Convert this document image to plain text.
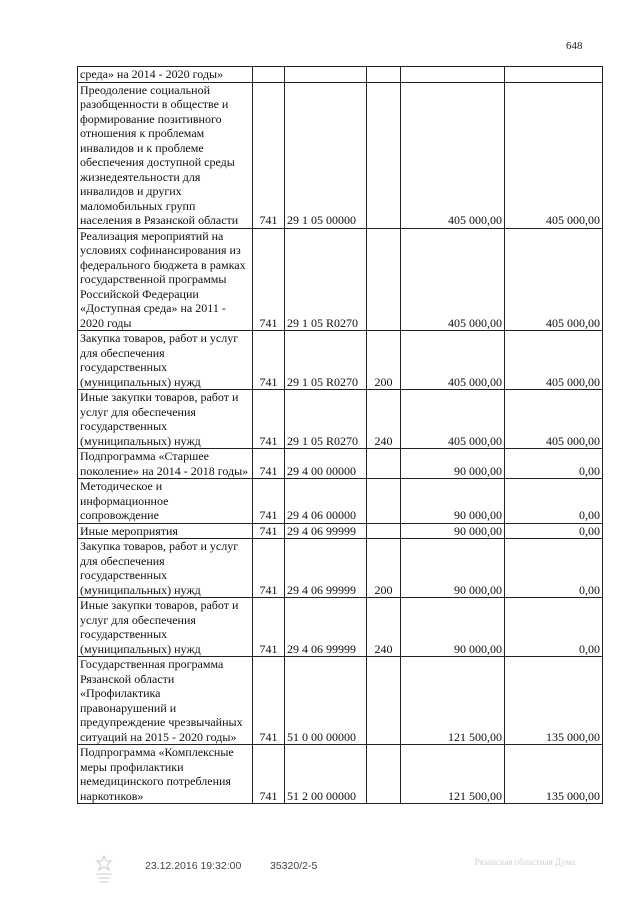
648
среда» на 2014 - 2020 годы»					
Преодоление социальной разобщенности в обществе и формирование позитивного отношения к проблемам инвалидов и к проблеме обеспечения доступной среды жизнедеятельности для инвалидов и других маломобильных групп населения в Рязанской области	741	29 1 05 00000		405 000,00	405 000,00
Реализация мероприятий на условиях софинансирования из федерального бюджета в рамках государственной программы Российской Федерации «Доступная среда» на 2011 - 2020 годы	741	29 1 05 R0270		405 000,00	405 000,00
Закупка товаров, работ и услуг для обеспечения государственных (муниципальных) нужд	741	29 1 05 R0270	200	405 000,00	405 000,00
Иные закупки товаров, работ и услуг для обеспечения государственных (муниципальных) нужд	741	29 1 05 R0270	240	405 000,00	405 000,00
Подпрограмма «Старшее поколение» на 2014 - 2018 годы»	741	29 4 00 00000		90 000,00	0,00
Методическое и информационное сопровождение	741	29 4 06 00000		90 000,00	0,00
Иные мероприятия	741	29 4 06 99999		90 000,00	0,00
Закупка товаров, работ и услуг для обеспечения государственных (муниципальных) нужд	741	29 4 06 99999	200	90 000,00	0,00
Иные закупки товаров, работ и услуг для обеспечения государственных (муниципальных) нужд	741	29 4 06 99999	240	90 000,00	0,00
Государственная программа Рязанской области «Профилактика правонарушений и предупреждение чрезвычайных ситуаций на 2015 - 2020 годы»	741	51 0 00 00000		121 500,00	135 000,00
Подпрограмма «Комплексные меры профилактики немедицинского потребления наркотиков»	741	51 2 00 00000		121 500,00	135 000,00
23.12.2016 19:32:00	35320/2-5	Рязанская областная Дума
